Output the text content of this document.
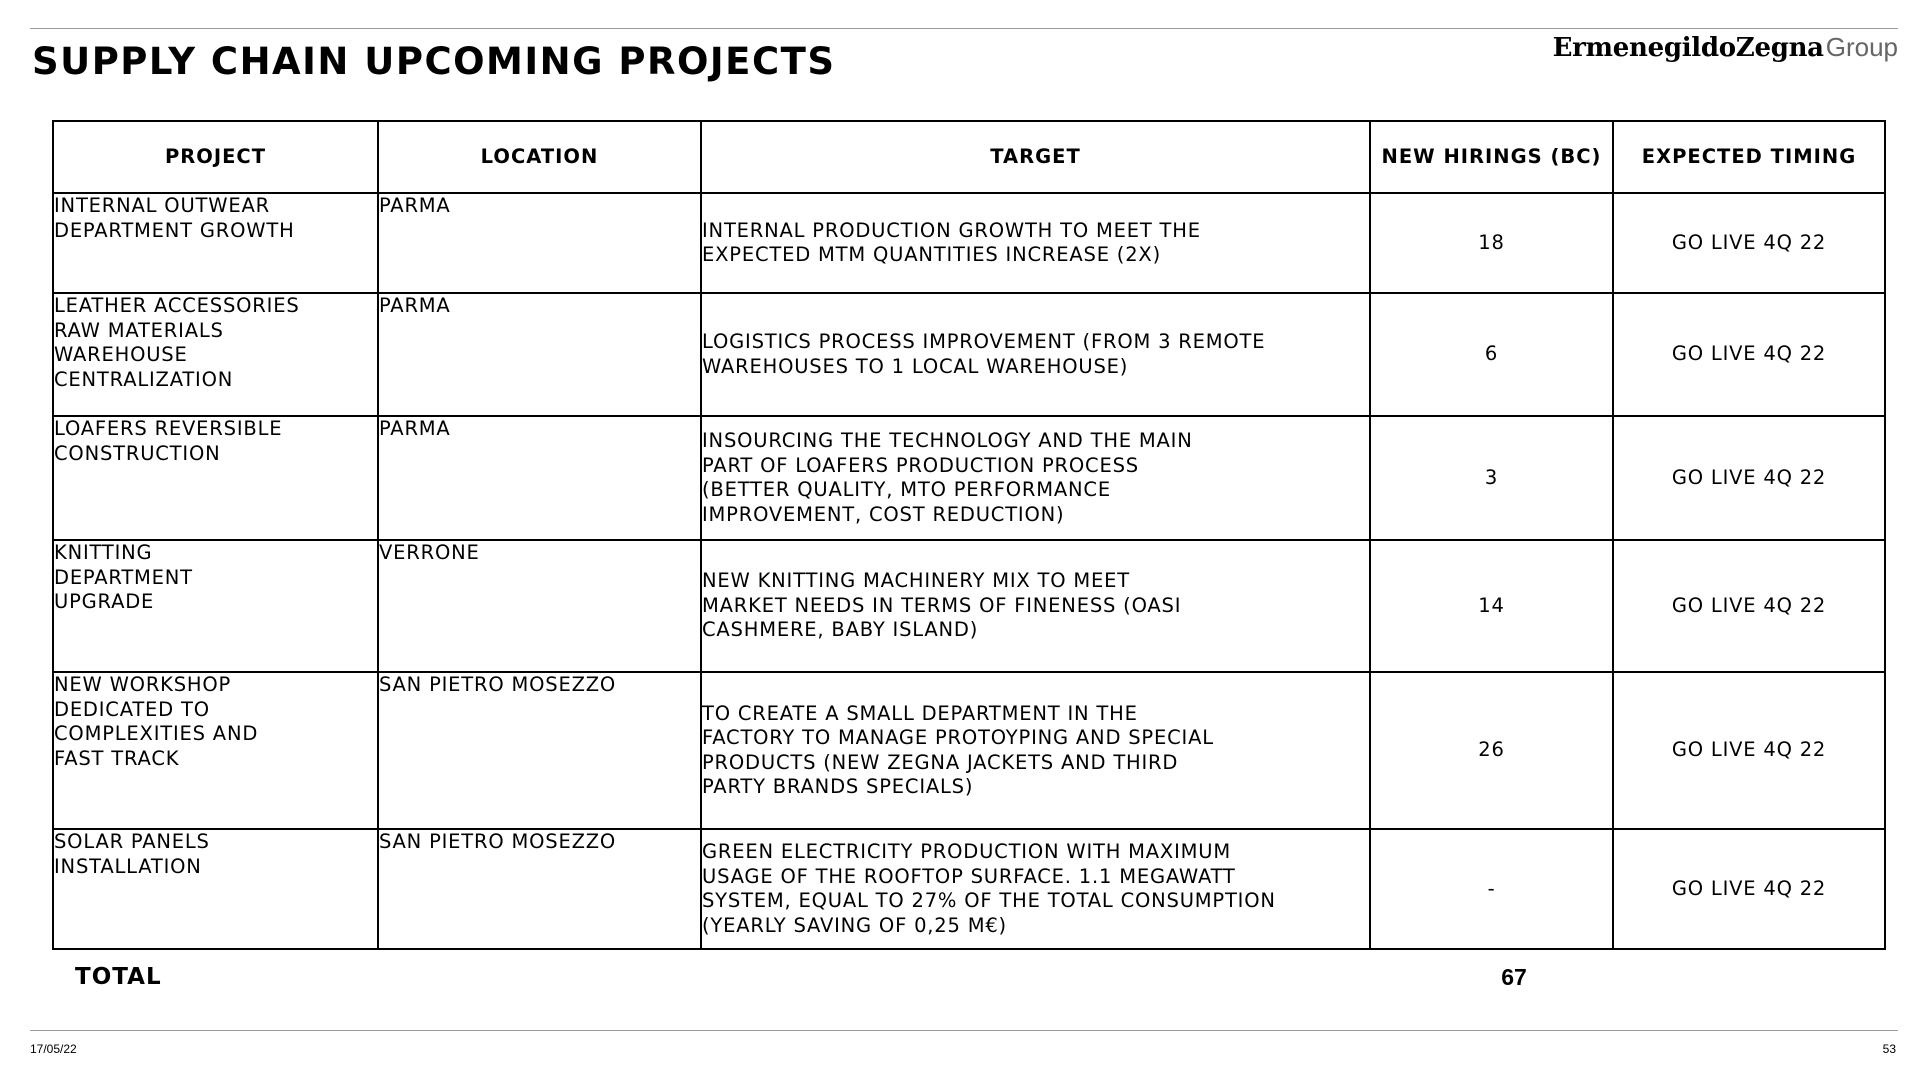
SUPPLY CHAIN UPCOMING PROJECTS	ErmenegildoZegnaGroup
PROJECT	LOCATION	TARGET	NEW HIRINGS (BC)	EXPECTED TIMING

INTERNAL OUTWEAR
DEPARTMENT GROWTH	PARMA	INTERNAL PRODUCTION GROWTH TO MEET THE
EXPECTED MTM QUANTITIES INCREASE (2X)	18	GO LIVE 4Q 22

LEATHER ACCESSORIES
RAW MATERIALS
WAREHOUSE
CENTRALIZATION	PARMA	LOGISTICS PROCESS IMPROVEMENT (FROM 3 REMOTE
WAREHOUSES TO 1 LOCAL WAREHOUSE)	6	GO LIVE 4Q 22

LOAFERS REVERSIBLE
CONSTRUCTION	PARMA	INSOURCING THE TECHNOLOGY AND THE MAIN
PART OF LOAFERS PRODUCTION PROCESS
(BETTER QUALITY, MTO PERFORMANCE
IMPROVEMENT, COST REDUCTION)	3	GO LIVE 4Q 22

KNITTING
DEPARTMENT
UPGRADE	VERRONE	NEW KNITTING MACHINERY MIX TO MEET
MARKET NEEDS IN TERMS OF FINENESS (OASI
CASHMERE, BABY ISLAND)	14	GO LIVE 4Q 22

NEW WORKSHOP
DEDICATED TO
COMPLEXITIES AND
FAST TRACK	SAN PIETRO MOSEZZO	TO CREATE A SMALL DEPARTMENT IN THE
FACTORY TO MANAGE PROTOYPING AND SPECIAL
PRODUCTS (NEW ZEGNA JACKETS AND THIRD
PARTY BRANDS SPECIALS)	26	GO LIVE 4Q 22

SOLAR PANELS
INSTALLATION	SAN PIETRO MOSEZZO	GREEN ELECTRICITY PRODUCTION WITH MAXIMUM
USAGE OF THE ROOFTOP SURFACE. 1.1 MEGAWATT
SYSTEM, EQUAL TO 27% OF THE TOTAL CONSUMPTION
(YEARLY SAVING OF 0,25 M€)	-	GO LIVE 4Q 22
TOTAL	67
17/05/22	53
